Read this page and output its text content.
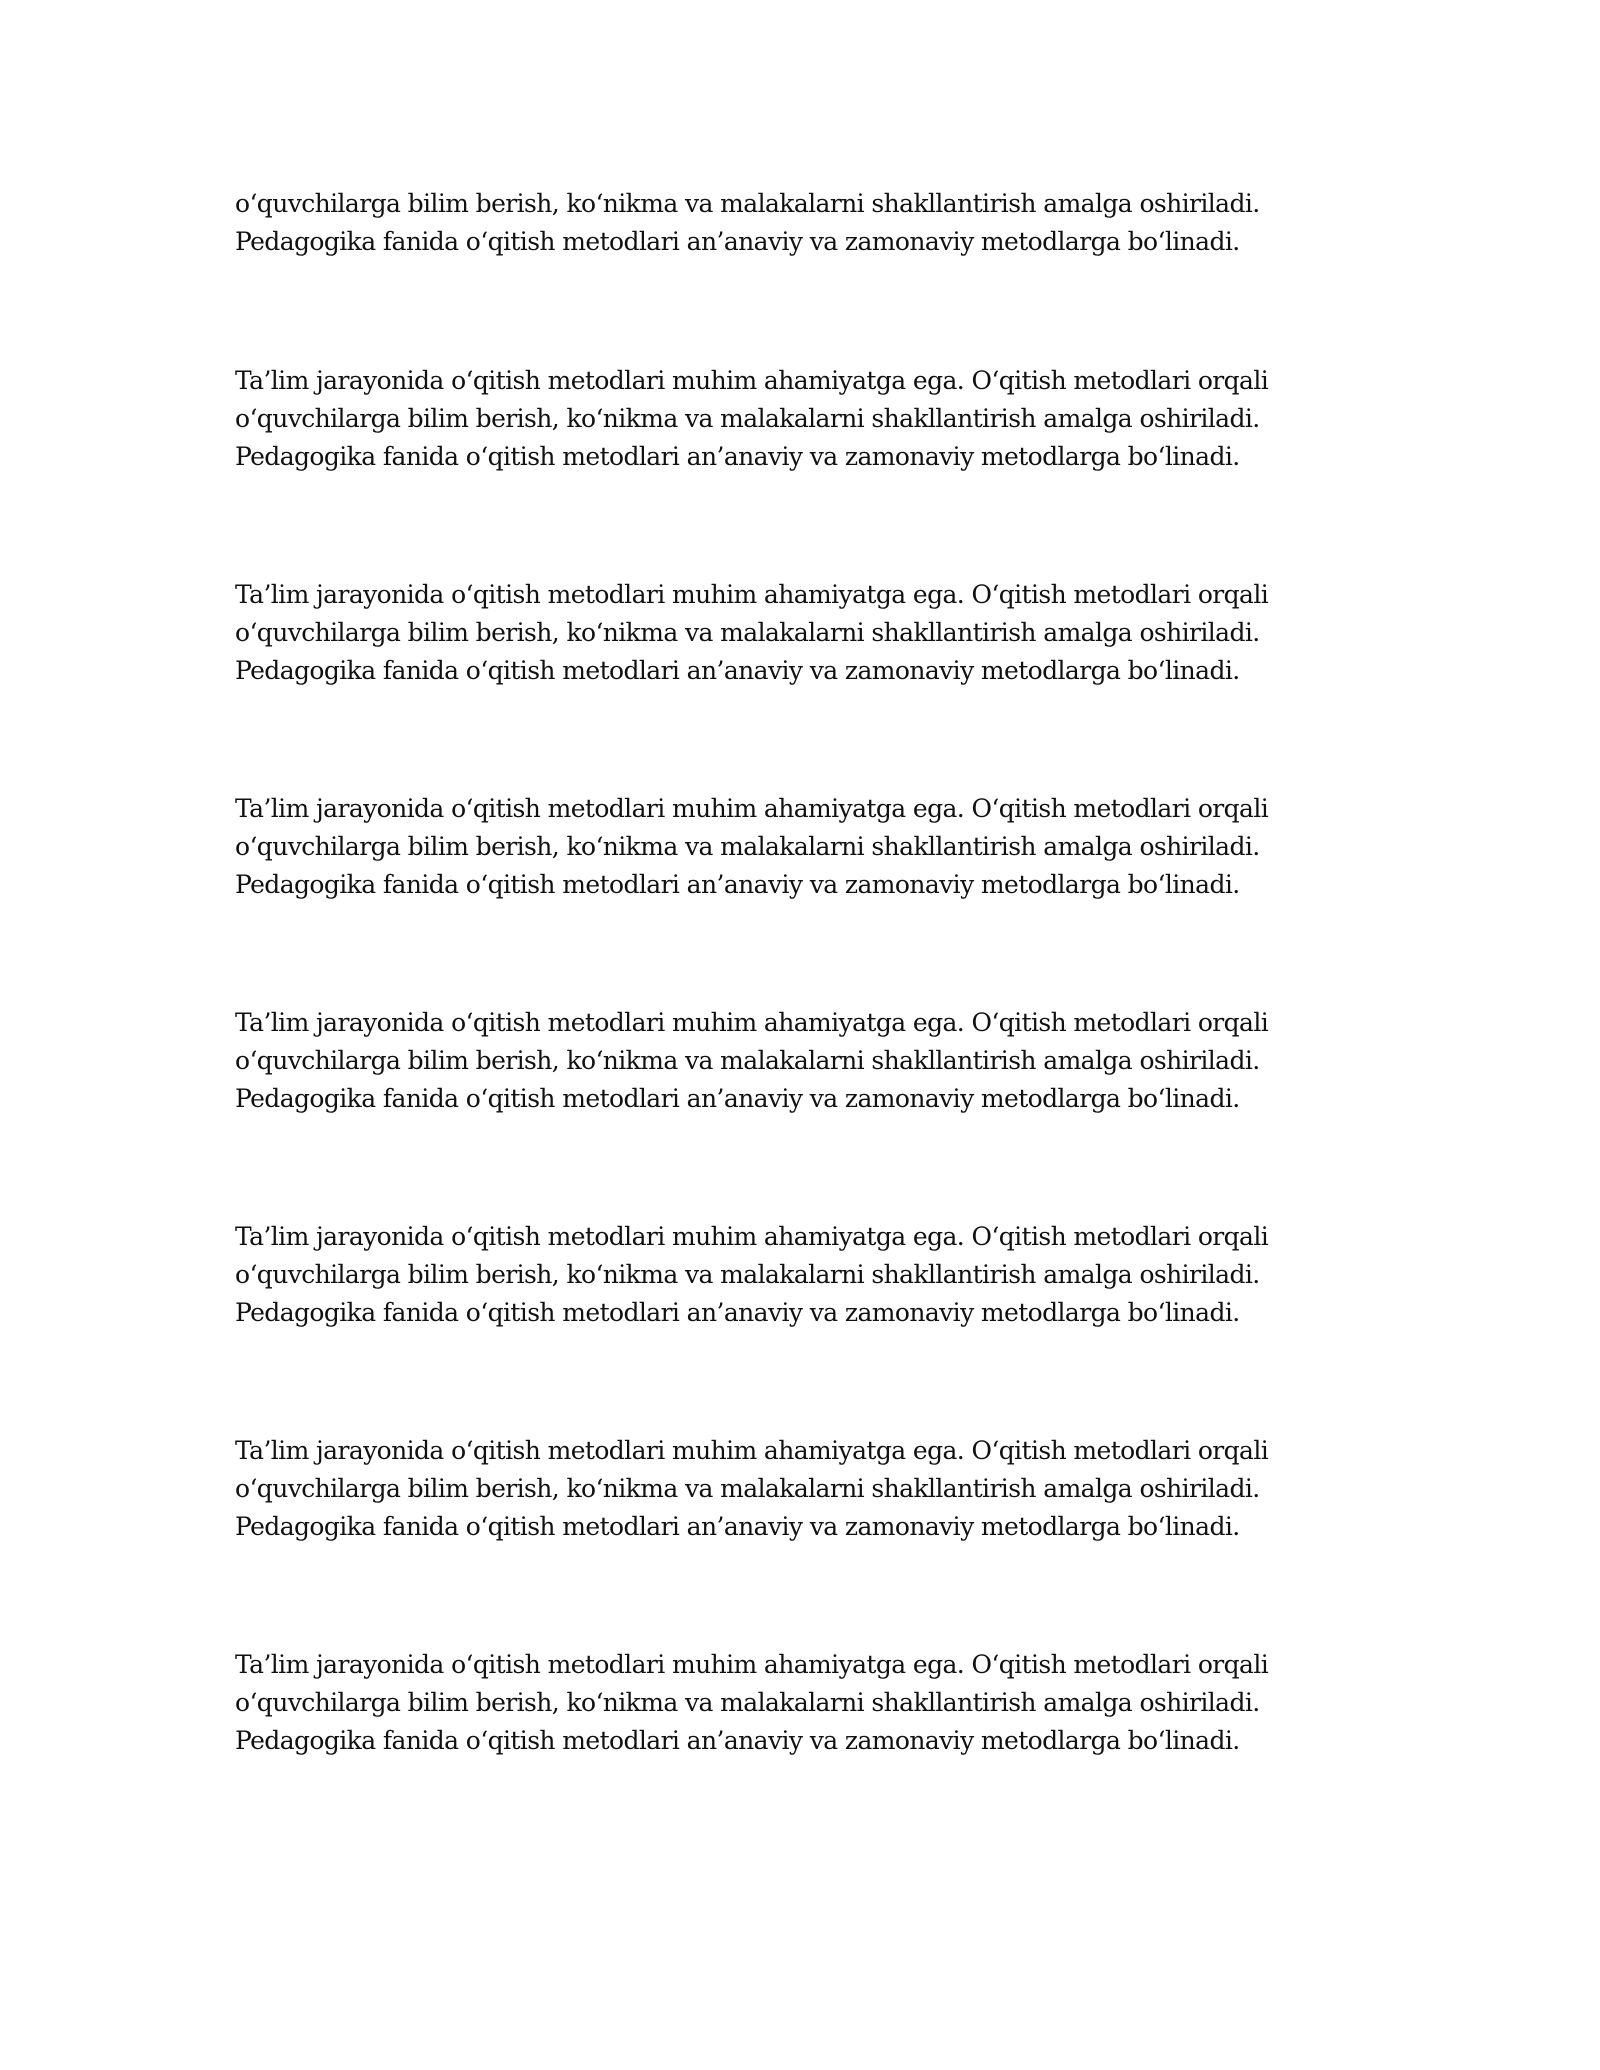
o‘quvchilarga bilim berish, ko‘nikma va malakalarni shakllantirish amalga oshiriladi.
Pedagogika fanida o‘qitish metodlari an’anaviy va zamonaviy metodlarga bo‘linadi.
Ta’lim jarayonida o‘qitish metodlari muhim ahamiyatga ega. O‘qitish metodlari orqali
o‘quvchilarga bilim berish, ko‘nikma va malakalarni shakllantirish amalga oshiriladi.
Pedagogika fanida o‘qitish metodlari an’anaviy va zamonaviy metodlarga bo‘linadi.
Ta’lim jarayonida o‘qitish metodlari muhim ahamiyatga ega. O‘qitish metodlari orqali
o‘quvchilarga bilim berish, ko‘nikma va malakalarni shakllantirish amalga oshiriladi.
Pedagogika fanida o‘qitish metodlari an’anaviy va zamonaviy metodlarga bo‘linadi.
Ta’lim jarayonida o‘qitish metodlari muhim ahamiyatga ega. O‘qitish metodlari orqali
o‘quvchilarga bilim berish, ko‘nikma va malakalarni shakllantirish amalga oshiriladi.
Pedagogika fanida o‘qitish metodlari an’anaviy va zamonaviy metodlarga bo‘linadi.
Ta’lim jarayonida o‘qitish metodlari muhim ahamiyatga ega. O‘qitish metodlari orqali
o‘quvchilarga bilim berish, ko‘nikma va malakalarni shakllantirish amalga oshiriladi.
Pedagogika fanida o‘qitish metodlari an’anaviy va zamonaviy metodlarga bo‘linadi.
Ta’lim jarayonida o‘qitish metodlari muhim ahamiyatga ega. O‘qitish metodlari orqali
o‘quvchilarga bilim berish, ko‘nikma va malakalarni shakllantirish amalga oshiriladi.
Pedagogika fanida o‘qitish metodlari an’anaviy va zamonaviy metodlarga bo‘linadi.
Ta’lim jarayonida o‘qitish metodlari muhim ahamiyatga ega. O‘qitish metodlari orqali
o‘quvchilarga bilim berish, ko‘nikma va malakalarni shakllantirish amalga oshiriladi.
Pedagogika fanida o‘qitish metodlari an’anaviy va zamonaviy metodlarga bo‘linadi.
Ta’lim jarayonida o‘qitish metodlari muhim ahamiyatga ega. O‘qitish metodlari orqali
o‘quvchilarga bilim berish, ko‘nikma va malakalarni shakllantirish amalga oshiriladi.
Pedagogika fanida o‘qitish metodlari an’anaviy va zamonaviy metodlarga bo‘linadi.
